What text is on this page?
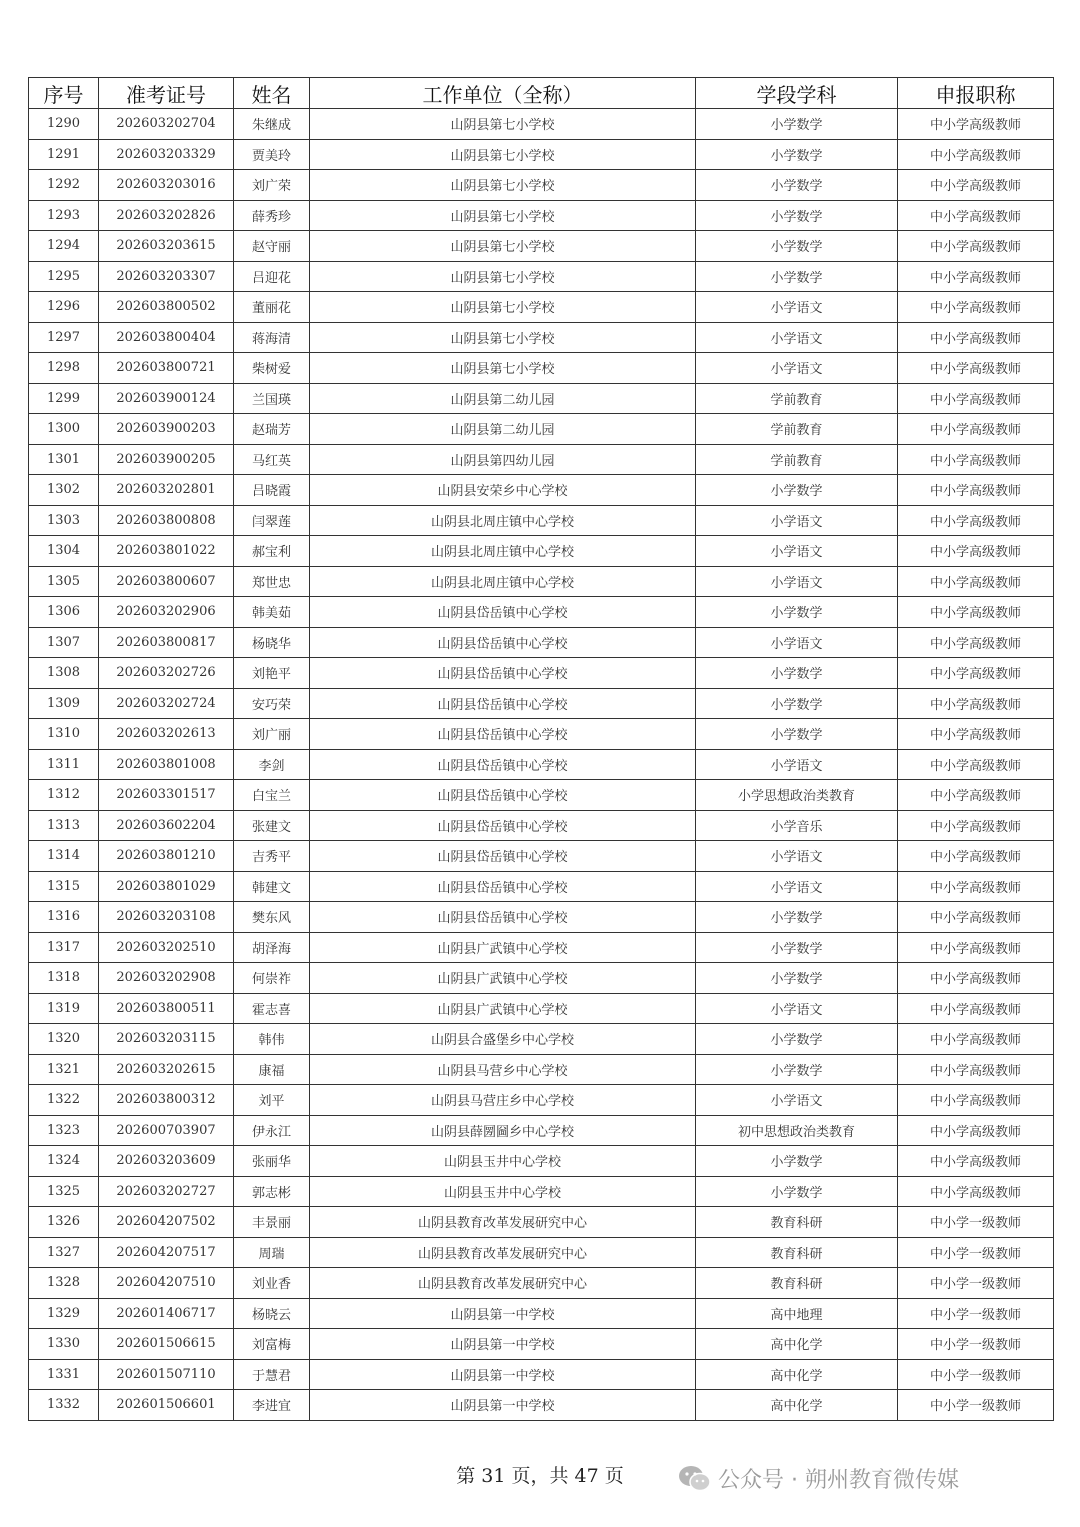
序号	准考证号	姓名	工作单位（全称）	学段学科	申报职称
1290	202603202704	朱继成	山阴县第七小学校	小学数学	中小学高级教师
1291	202603203329	贾美玲	山阴县第七小学校	小学数学	中小学高级教师
1292	202603203016	刘广荣	山阴县第七小学校	小学数学	中小学高级教师
1293	202603202826	薛秀珍	山阴县第七小学校	小学数学	中小学高级教师
1294	202603203615	赵守丽	山阴县第七小学校	小学数学	中小学高级教师
1295	202603203307	吕迎花	山阴县第七小学校	小学数学	中小学高级教师
1296	202603800502	董丽花	山阴县第七小学校	小学语文	中小学高级教师
1297	202603800404	蒋海清	山阴县第七小学校	小学语文	中小学高级教师
1298	202603800721	柴树爱	山阴县第七小学校	小学语文	中小学高级教师
1299	202603900124	兰国瑛	山阴县第二幼儿园	学前教育	中小学高级教师
1300	202603900203	赵瑞芳	山阴县第二幼儿园	学前教育	中小学高级教师
1301	202603900205	马红英	山阴县第四幼儿园	学前教育	中小学高级教师
1302	202603202801	吕晓霞	山阴县安荣乡中心学校	小学数学	中小学高级教师
1303	202603800808	闫翠莲	山阴县北周庄镇中心学校	小学语文	中小学高级教师
1304	202603801022	郝宝利	山阴县北周庄镇中心学校	小学语文	中小学高级教师
1305	202603800607	郑世忠	山阴县北周庄镇中心学校	小学语文	中小学高级教师
1306	202603202906	韩美茹	山阴县岱岳镇中心学校	小学数学	中小学高级教师
1307	202603800817	杨晓华	山阴县岱岳镇中心学校	小学语文	中小学高级教师
1308	202603202726	刘艳平	山阴县岱岳镇中心学校	小学数学	中小学高级教师
1309	202603202724	安巧荣	山阴县岱岳镇中心学校	小学数学	中小学高级教师
1310	202603202613	刘广丽	山阴县岱岳镇中心学校	小学数学	中小学高级教师
1311	202603801008	李剑	山阴县岱岳镇中心学校	小学语文	中小学高级教师
1312	202603301517	白宝兰	山阴县岱岳镇中心学校	小学思想政治类教育	中小学高级教师
1313	202603602204	张建文	山阴县岱岳镇中心学校	小学音乐	中小学高级教师
1314	202603801210	吉秀平	山阴县岱岳镇中心学校	小学语文	中小学高级教师
1315	202603801029	韩建文	山阴县岱岳镇中心学校	小学语文	中小学高级教师
1316	202603203108	樊东风	山阴县岱岳镇中心学校	小学数学	中小学高级教师
1317	202603202510	胡泽海	山阴县广武镇中心学校	小学数学	中小学高级教师
1318	202603202908	何崇祚	山阴县广武镇中心学校	小学数学	中小学高级教师
1319	202603800511	霍志喜	山阴县广武镇中心学校	小学语文	中小学高级教师
1320	202603203115	韩伟	山阴县合盛堡乡中心学校	小学数学	中小学高级教师
1321	202603202615	康福	山阴县马营乡中心学校	小学数学	中小学高级教师
1322	202603800312	刘平	山阴县马营庄乡中心学校	小学语文	中小学高级教师
1323	202600703907	伊永江	山阴县薛圐圙乡中心学校	初中思想政治类教育	中小学高级教师
1324	202603203609	张丽华	山阴县玉井中心学校	小学数学	中小学高级教师
1325	202603202727	郭志彬	山阴县玉井中心学校	小学数学	中小学高级教师
1326	202604207502	丰景丽	山阴县教育改革发展研究中心	教育科研	中小学一级教师
1327	202604207517	周瑞	山阴县教育改革发展研究中心	教育科研	中小学一级教师
1328	202604207510	刘业香	山阴县教育改革发展研究中心	教育科研	中小学一级教师
1329	202601406717	杨晓云	山阴县第一中学校	高中地理	中小学一级教师
1330	202601506615	刘富梅	山阴县第一中学校	高中化学	中小学一级教师
1331	202601507110	于慧君	山阴县第一中学校	高中化学	中小学一级教师
1332	202601506601	李进宜	山阴县第一中学校	高中化学	中小学一级教师
第 31 页，共 47 页	公众号 · 朔州教育微传媒
